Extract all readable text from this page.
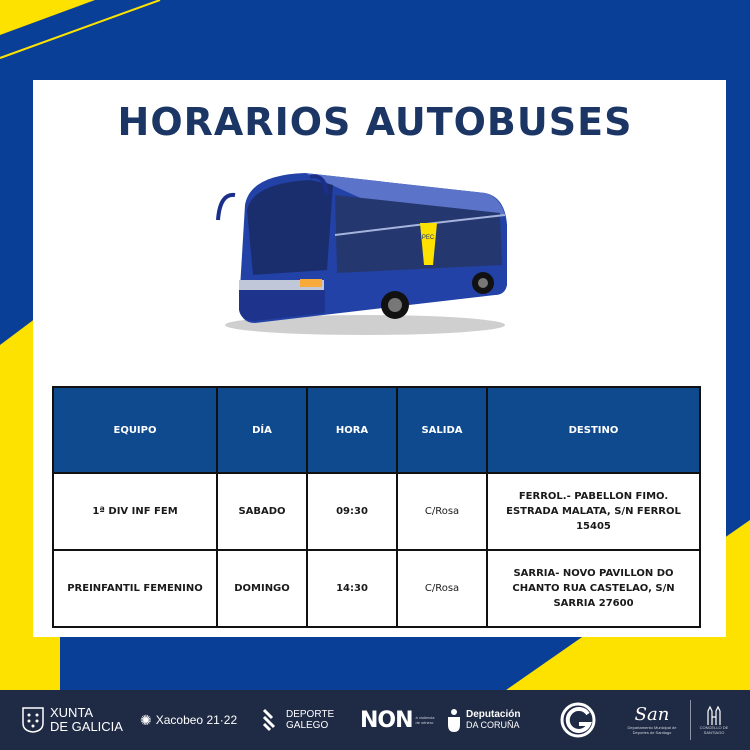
HORARIOS AUTOBUSES
PEC
EQUIPO	DÍA	HORA	SALIDA	DESTINO
1ª DIV INF FEM	SABADO	09:30	C/Rosa	FERROL.- PABELLON FIMO. ESTRADA MALATA, S/N FERROL 15405
PREINFANTIL FEMENINO	DOMINGO	14:30	C/Rosa	SARRIA- NOVO PAVILLON DO CHANTO RUA CASTELAO, S/N SARRIA 27600
XUNTA
DE GALICIA ✺ Xacobeo 21·22	DEPORTE
GALEGO NON á violencia de xénero
Deputación
DA CORUÑA	San
Departamento Municipal de Deportes de Santiago
CONCELLO DE SANTIAGO
